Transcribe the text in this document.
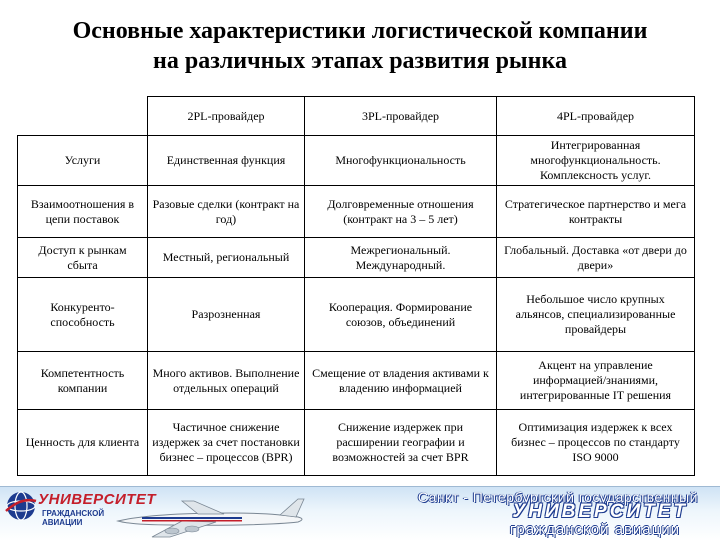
Основные характеристики логистической компании
на различных этапах развития рынка
	2PL-провайдер	3PL-провайдер	4PL-провайдер
Услуги	Единственная функция	Многофункциональность	Интегрированная многофункциональность. Комплексность услуг.
Взаимоотношения в цепи поставок	Разовые сделки (контракт на год)	Долговременные отношения (контракт на 3 – 5 лет)	Стратегическое партнерство и мега контракты
Доступ к рынкам сбыта	Местный, региональный	Межрегиональный. Международный.	Глобальный. Доставка «от двери до двери»
Конкуренто-способность	Разрозненная	Кооперация. Формирование союзов, объединений	Небольшое число крупных альянсов, специализированные провайдеры
Компетентность компании	Много активов. Выполнение отдельных операций	Смещение от владения активами к владению информацией	Акцент на управление информацией/знаниями, интегрированные IT решения
Ценность для клиента	Частичное снижение издержек за счет постановки бизнес – процессов (BPR)	Снижение издержек при расширении географии и возможностей за счет BPR	Оптимизация издержек к всех бизнес – процессов по стандарту ISO 9000
УНИВЕРСИТЕТ
ГРАЖДАНСКОЙ АВИАЦИИ
Санкт - Петербургский государственный
УНИВЕРСИТЕТ
гражданской авиации
